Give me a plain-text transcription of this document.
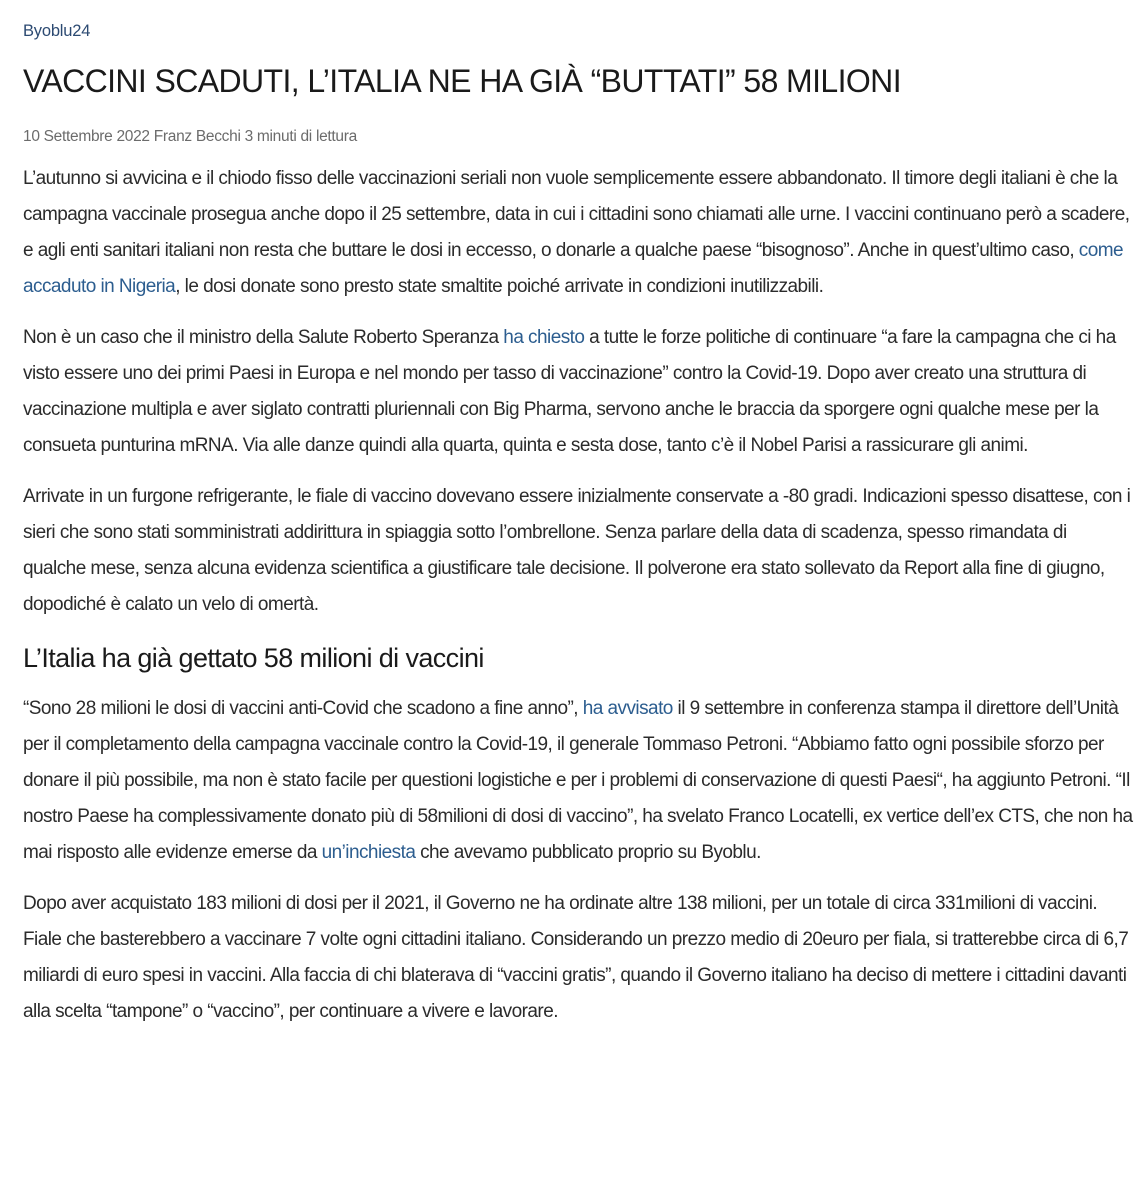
Byoblu24
VACCINI SCADUTI, L’ITALIA NE HA GIÀ “BUTTATI” 58 MILIONI
10 Settembre 2022 Franz Becchi 3 minuti di lettura

L’autunno si avvicina e il chiodo fisso delle vaccinazioni seriali non vuole semplicemente essere abbandonato. Il timore degli italiani è che la campagna vaccinale prosegua anche dopo il 25 settembre, data in cui i cittadini sono chiamati alle urne. I vaccini continuano però a scadere, e agli enti sanitari italiani non resta che buttare le dosi in eccesso, o donarle a qualche paese “bisognoso”. Anche in quest’ultimo caso, come accaduto in Nigeria, le dosi donate sono presto state smaltite poiché arrivate in condizioni inutilizzabili.

Non è un caso che il ministro della Salute Roberto Speranza ha chiesto a tutte le forze politiche di continuare “a fare la campagna che ci ha visto essere uno dei primi Paesi in Europa e nel mondo per tasso di vaccinazione” contro la Covid-19. Dopo aver creato una struttura di vaccinazione multipla e aver siglato contratti pluriennali con Big Pharma, servono anche le braccia da sporgere ogni qualche mese per la consueta punturina mRNA. Via alle danze quindi alla quarta, quinta e sesta dose, tanto c’è il Nobel Parisi a rassicurare gli animi.

Arrivate in un furgone refrigerante, le fiale di vaccino dovevano essere inizialmente conservate a -80 gradi. Indicazioni spesso disattese, con i sieri che sono stati somministrati addirittura in spiaggia sotto l’ombrellone. Senza parlare della data di scadenza, spesso rimandata di qualche mese, senza alcuna evidenza scientifica a giustificare tale decisione. Il polverone era stato sollevato da Report alla fine di giugno, dopodiché è calato un velo di omertà.

L’Italia ha già gettato 58 milioni di vaccini

“Sono 28 milioni le dosi di vaccini anti-Covid che scadono a fine anno”, ha avvisato il 9 settembre in conferenza stampa il direttore dell’Unità per il completamento della campagna vaccinale contro la Covid-19, il generale Tommaso Petroni. “Abbiamo fatto ogni possibile sforzo per donare il più possibile, ma non è stato facile per questioni logistiche e per i problemi di conservazione di questi Paesi“, ha aggiunto Petroni. “Il nostro Paese ha complessivamente donato più di 58milioni di dosi di vaccino”, ha svelato Franco Locatelli, ex vertice dell’ex CTS, che non ha mai risposto alle evidenze emerse da un’inchiesta che avevamo pubblicato proprio su Byoblu.

Dopo aver acquistato 183 milioni di dosi per il 2021, il Governo ne ha ordinate altre 138 milioni, per un totale di circa 331milioni di vaccini. Fiale che basterebbero a vaccinare 7 volte ogni cittadini italiano. Considerando un prezzo medio di 20euro per fiala, si tratterebbe circa di 6,7 miliardi di euro spesi in vaccini. Alla faccia di chi blaterava di “vaccini gratis”, quando il Governo italiano ha deciso di mettere i cittadini davanti alla scelta “tampone” o “vaccino”, per continuare a vivere e lavorare.
